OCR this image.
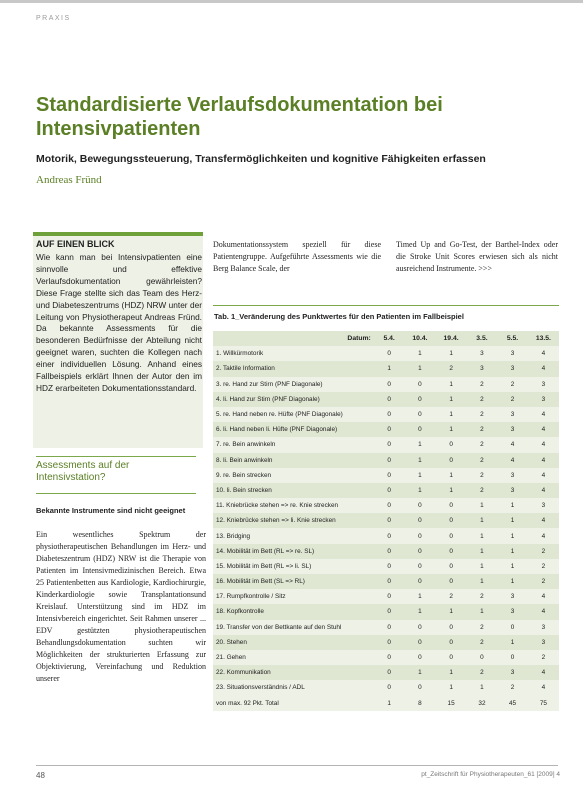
PRAXIS
Standardisierte Verlaufsdokumentation bei Intensivpatienten
Motorik, Bewegungssteuerung, Transfermöglichkeiten und kognitive Fähigkeiten erfassen
Andreas Fründ
AUF EINEN BLICK
Wie kann man bei Intensivpatienten eine sinnvolle und effektive Verlaufsdokumentation gewährleisten? Diese Frage stellte sich das Team des Herz- und Diabeteszentrums (HDZ) NRW unter der Leitung von Physiotherapeut Andreas Fründ. Da bekannte Assessments für die besonderen Bedürfnisse der Abteilung nicht geeignet waren, suchten die Kollegen nach einer individuellen Lösung. Anhand eines Fallbeispiels erklärt Ihnen der Autor den im HDZ erarbeiteten Dokumentationsstandard.
Assessments auf der Intensivstation?
Bekannte Instrumente sind nicht geeignet
Ein wesentliches Spektrum der physiotherapeutischen Behandlungen im Herz- und Diabeteszentrum (HDZ) NRW ist die Therapie von Patienten im Intensivmedizinischen Bereich. Etwa 25 Patientenbetten aus Kardiologie, Kardiochirurgie, Kinderkardiologie sowie Transplantationsund Kreislauf. Unterstützung sind im HDZ im Intensivbereich eingerichtet. Seit Rahmen unserer ... EDV gestützten physiotherapeutischen Behandlungsdokumentation suchten wir Möglichkeiten der strukturierten Erfassung zur Objektivierung, Vereinfachung und Reduktion unserer
Dokumentationssystem speziell für diese Patientengruppe. Aufgeführte Assessments wie die Berg Balance Scale, der
Timed Up and Go-Test, der Barthel-Index oder die Stroke Unit Scores erwiesen sich als nicht ausreichend Instrumente. >>>
Tab. 1_Veränderung des Punktwertes für den Patienten im Fallbeispiel
Datum:	5.4.	10.4.	19.4.	3.5.	5.5.	13.5.
1. Willkürmotorik	0	1	1	3	3	4
2. Taktile Information	1	1	2	3	3	4
3. re. Hand zur Stirn (PNF Diagonale)	0	0	1	2	2	3
4. li. Hand zur Stirn (PNF Diagonale)	0	0	1	2	2	3
5. re. Hand neben re. Hüfte (PNF Diagonale)	0	0	1	2	3	4
6. li. Hand neben li. Hüfte (PNF Diagonale)	0	0	1	2	3	4
7. re. Bein anwinkeln	0	1	0	2	4	4
8. li. Bein anwinkeln	0	1	0	2	4	4
9. re. Bein strecken	0	1	1	2	3	4
10. li. Bein strecken	0	1	1	2	3	4
11. Kniebrücke stehen => re. Knie strecken	0	0	0	1	1	3
12. Kniebrücke stehen => li. Knie strecken	0	0	0	1	1	4
13. Bridging	0	0	0	1	1	4
14. Mobilität im Bett (RL => re. SL)	0	0	0	1	1	2
15. Mobilität im Bett (RL => li. SL)	0	0	0	1	1	2
16. Mobilität im Bett (SL => RL)	0	0	0	1	1	2
17. Rumpfkontrolle / Sitz	0	1	2	2	3	4
18. Kopfkontrolle	0	1	1	1	3	4
19. Transfer von der Bettkante auf den Stuhl	0	0	0	2	0	3
20. Stehen	0	0	0	2	1	3
21. Gehen	0	0	0	0	0	2
22. Kommunikation	0	1	1	2	3	4
23. Situationsverständnis / ADL	0	0	1	1	2	4
von max. 92 Pkt. Total	1	8	15	32	45	75
48	pt_Zeitschrift für Physiotherapeuten_61 [2009] 4
